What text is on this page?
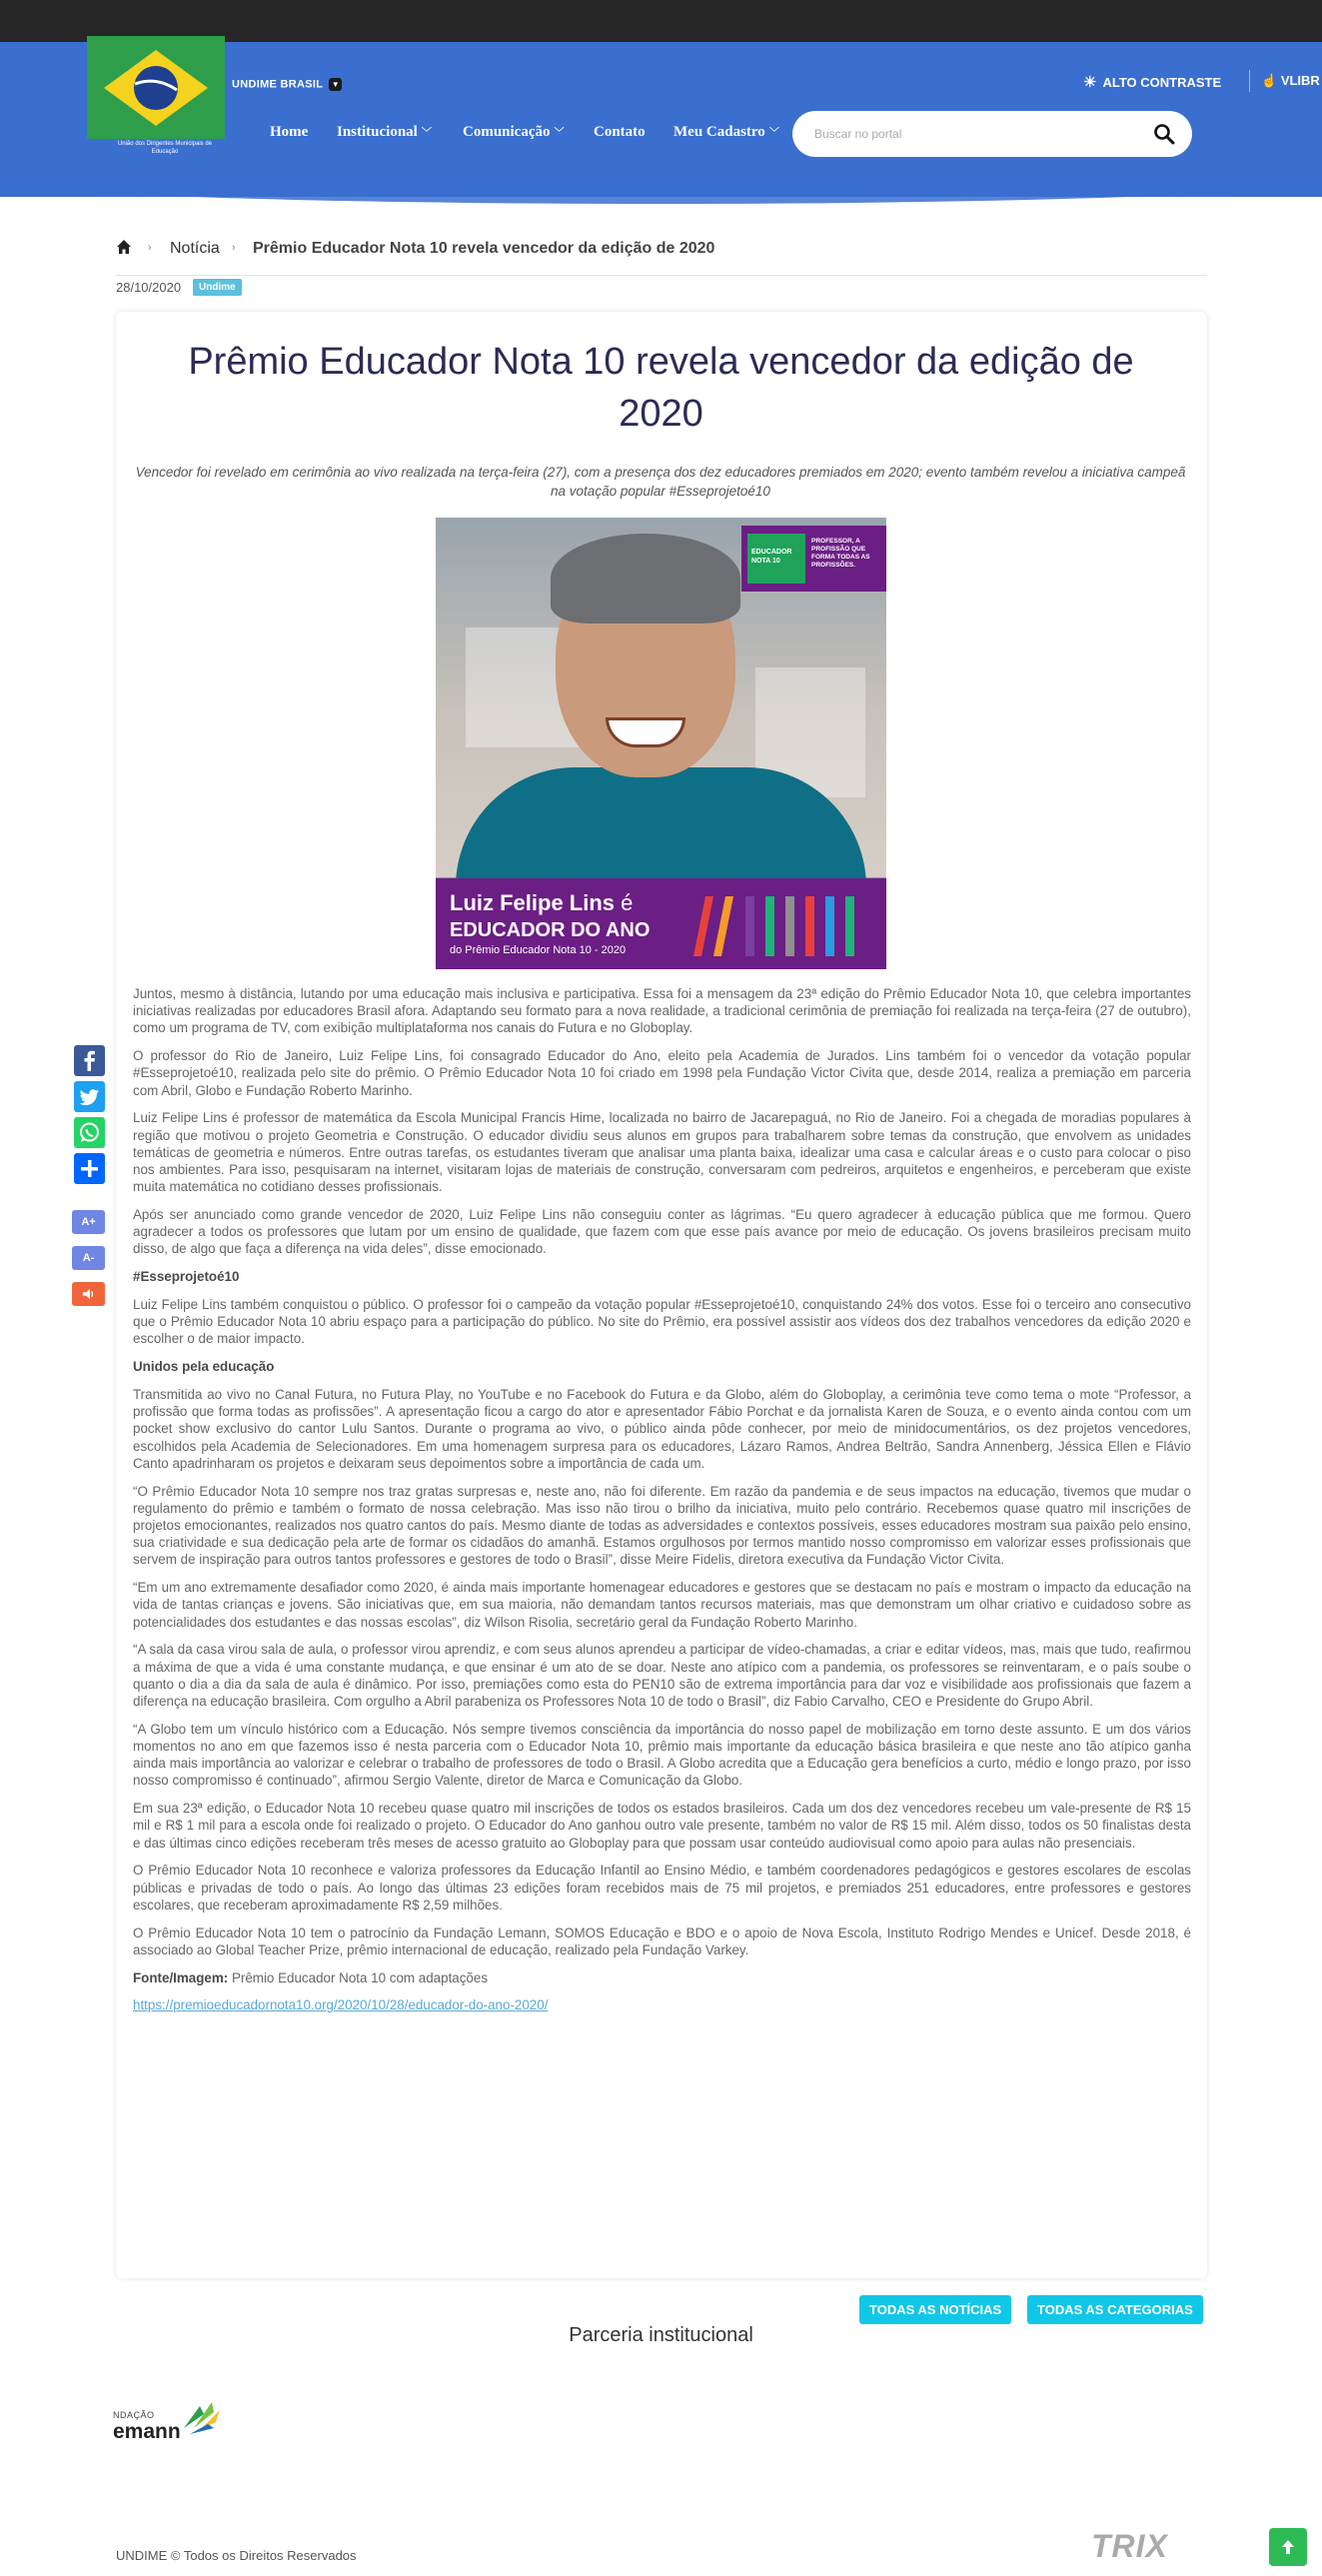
União dos Dirigentes Municipais de Educação
UNDIME BRASIL ▼	☀ ALTO CONTRASTE	☝ VLIBR
Home Institucional ﹀ Comunicação ﹀ Contato Meu Cadastro ﹀
Buscar no portal
› Notícia › Prêmio Educador Nota 10 revela vencedor da edição de 2020
28/10/2020	Undime
Prêmio Educador Nota 10 revela vencedor da edição de 2020
Vencedor foi revelado em cerimônia ao vivo realizada na terça-feira (27), com a presença dos dez educadores premiados em 2020; evento também revelou a iniciativa campeã na votação popular #Esseprojetoé10
EDUCADOR NOTA 10
PROFESSOR, A PROFISSÃO QUE FORMA TODAS AS PROFISSÕES.
Luiz Felipe Lins é
EDUCADOR DO ANO
do Prêmio Educador Nota 10 - 2020

Juntos, mesmo à distância, lutando por uma educação mais inclusiva e participativa. Essa foi a mensagem da 23ª edição do Prêmio Educador Nota 10, que celebra importantes iniciativas realizadas por educadores Brasil afora. Adaptando seu formato para a nova realidade, a tradicional cerimônia de premiação foi realizada na terça-feira (27 de outubro), como um programa de TV, com exibição multiplataforma nos canais do Futura e no Globoplay.

O professor do Rio de Janeiro, Luiz Felipe Lins, foi consagrado Educador do Ano, eleito pela Academia de Jurados. Lins também foi o vencedor da votação popular #Esseprojetoé10, realizada pelo site do prêmio. O Prêmio Educador Nota 10 foi criado em 1998 pela Fundação Victor Civita que, desde 2014, realiza a premiação em parceria com Abril, Globo e Fundação Roberto Marinho.

Luiz Felipe Lins é professor de matemática da Escola Municipal Francis Hime, localizada no bairro de Jacarepaguá, no Rio de Janeiro. Foi a chegada de moradias populares à região que motivou o projeto Geometria e Construção. O educador dividiu seus alunos em grupos para trabalharem sobre temas da construção, que envolvem as unidades temáticas de geometria e números. Entre outras tarefas, os estudantes tiveram que analisar uma planta baixa, idealizar uma casa e calcular áreas e o custo para colocar o piso nos ambientes. Para isso, pesquisaram na internet, visitaram lojas de materiais de construção, conversaram com pedreiros, arquitetos e engenheiros, e perceberam que existe muita matemática no cotidiano desses profissionais.

Após ser anunciado como grande vencedor de 2020, Luiz Felipe Lins não conseguiu conter as lágrimas. “Eu quero agradecer à educação pública que me formou. Quero agradecer a todos os professores que lutam por um ensino de qualidade, que fazem com que esse país avance por meio de educação. Os jovens brasileiros precisam muito disso, de algo que faça a diferença na vida deles”, disse emocionado.

#Esseprojetoé10

Luiz Felipe Lins também conquistou o público. O professor foi o campeão da votação popular #Esseprojetoé10, conquistando 24% dos votos. Esse foi o terceiro ano consecutivo que o Prêmio Educador Nota 10 abriu espaço para a participação do público. No site do Prêmio, era possível assistir aos vídeos dos dez trabalhos vencedores da edição 2020 e escolher o de maior impacto.

Unidos pela educação

Transmitida ao vivo no Canal Futura, no Futura Play, no YouTube e no Facebook do Futura e da Globo, além do Globoplay, a cerimônia teve como tema o mote “Professor, a profissão que forma todas as profissões”. A apresentação ficou a cargo do ator e apresentador Fábio Porchat e da jornalista Karen de Souza, e o evento ainda contou com um pocket show exclusivo do cantor Lulu Santos. Durante o programa ao vivo, o público ainda pôde conhecer, por meio de minidocumentários, os dez projetos vencedores, escolhidos pela Academia de Selecionadores. Em uma homenagem surpresa para os educadores, Lázaro Ramos, Andrea Beltrão, Sandra Annenberg, Jéssica Ellen e Flávio Canto apadrinharam os projetos e deixaram seus depoimentos sobre a importância de cada um.

“O Prêmio Educador Nota 10 sempre nos traz gratas surpresas e, neste ano, não foi diferente. Em razão da pandemia e de seus impactos na educação, tivemos que mudar o regulamento do prêmio e também o formato de nossa celebração. Mas isso não tirou o brilho da iniciativa, muito pelo contrário. Recebemos quase quatro mil inscrições de projetos emocionantes, realizados nos quatro cantos do país. Mesmo diante de todas as adversidades e contextos possíveis, esses educadores mostram sua paixão pelo ensino, sua criatividade e sua dedicação pela arte de formar os cidadãos do amanhã. Estamos orgulhosos por termos mantido nosso compromisso em valorizar esses profissionais que servem de inspiração para outros tantos professores e gestores de todo o Brasil”, disse Meire Fidelis, diretora executiva da Fundação Victor Civita.

“Em um ano extremamente desafiador como 2020, é ainda mais importante homenagear educadores e gestores que se destacam no país e mostram o impacto da educação na vida de tantas crianças e jovens. São iniciativas que, em sua maioria, não demandam tantos recursos materiais, mas que demonstram um olhar criativo e cuidadoso sobre as potencialidades dos estudantes e das nossas escolas”, diz Wilson Risolia, secretário geral da Fundação Roberto Marinho.

“A sala da casa virou sala de aula, o professor virou aprendiz, e com seus alunos aprendeu a participar de vídeo-chamadas, a criar e editar vídeos, mas, mais que tudo, reafirmou a máxima de que a vida é uma constante mudança, e que ensinar é um ato de se doar. Neste ano atípico com a pandemia, os professores se reinventaram, e o país soube o quanto o dia a dia da sala de aula é dinâmico. Por isso, premiações como esta do PEN10 são de extrema importância para dar voz e visibilidade aos profissionais que fazem a diferença na educação brasileira. Com orgulho a Abril parabeniza os Professores Nota 10 de todo o Brasil”, diz Fabio Carvalho, CEO e Presidente do Grupo Abril.

“A Globo tem um vínculo histórico com a Educação. Nós sempre tivemos consciência da importância do nosso papel de mobilização em torno deste assunto. E um dos vários momentos no ano em que fazemos isso é nesta parceria com o Educador Nota 10, prêmio mais importante da educação básica brasileira e que neste ano tão atípico ganha ainda mais importância ao valorizar e celebrar o trabalho de professores de todo o Brasil. A Globo acredita que a Educação gera benefícios a curto, médio e longo prazo, por isso nosso compromisso é continuado”, afirmou Sergio Valente, diretor de Marca e Comunicação da Globo.

Em sua 23ª edição, o Educador Nota 10 recebeu quase quatro mil inscrições de todos os estados brasileiros. Cada um dos dez vencedores recebeu um vale-presente de R$ 15 mil e R$ 1 mil para a escola onde foi realizado o projeto. O Educador do Ano ganhou outro vale presente, também no valor de R$ 15 mil. Além disso, todos os 50 finalistas desta e das últimas cinco edições receberam três meses de acesso gratuito ao Globoplay para que possam usar conteúdo audiovisual como apoio para aulas não presenciais.

O Prêmio Educador Nota 10 reconhece e valoriza professores da Educação Infantil ao Ensino Médio, e também coordenadores pedagógicos e gestores escolares de escolas públicas e privadas de todo o país. Ao longo das últimas 23 edições foram recebidos mais de 75 mil projetos, e premiados 251 educadores, entre professores e gestores escolares, que receberam aproximadamente R$ 2,59 milhões.

O Prêmio Educador Nota 10 tem o patrocínio da Fundação Lemann, SOMOS Educação e BDO e o apoio de Nova Escola, Instituto Rodrigo Mendes e Unicef. Desde 2018, é associado ao Global Teacher Prize, prêmio internacional de educação, realizado pela Fundação Varkey.

Fonte/Imagem: Prêmio Educador Nota 10 com adaptações

https://premioeducadornota10.org/2020/10/28/educador-do-ano-2020/

A+
A-
TODAS AS NOTÍCIAS	TODAS AS CATEGORIAS
Parceria institucional
NDAÇÃO
emann
UNDIME © Todos os Direitos Reservados	TRIX
